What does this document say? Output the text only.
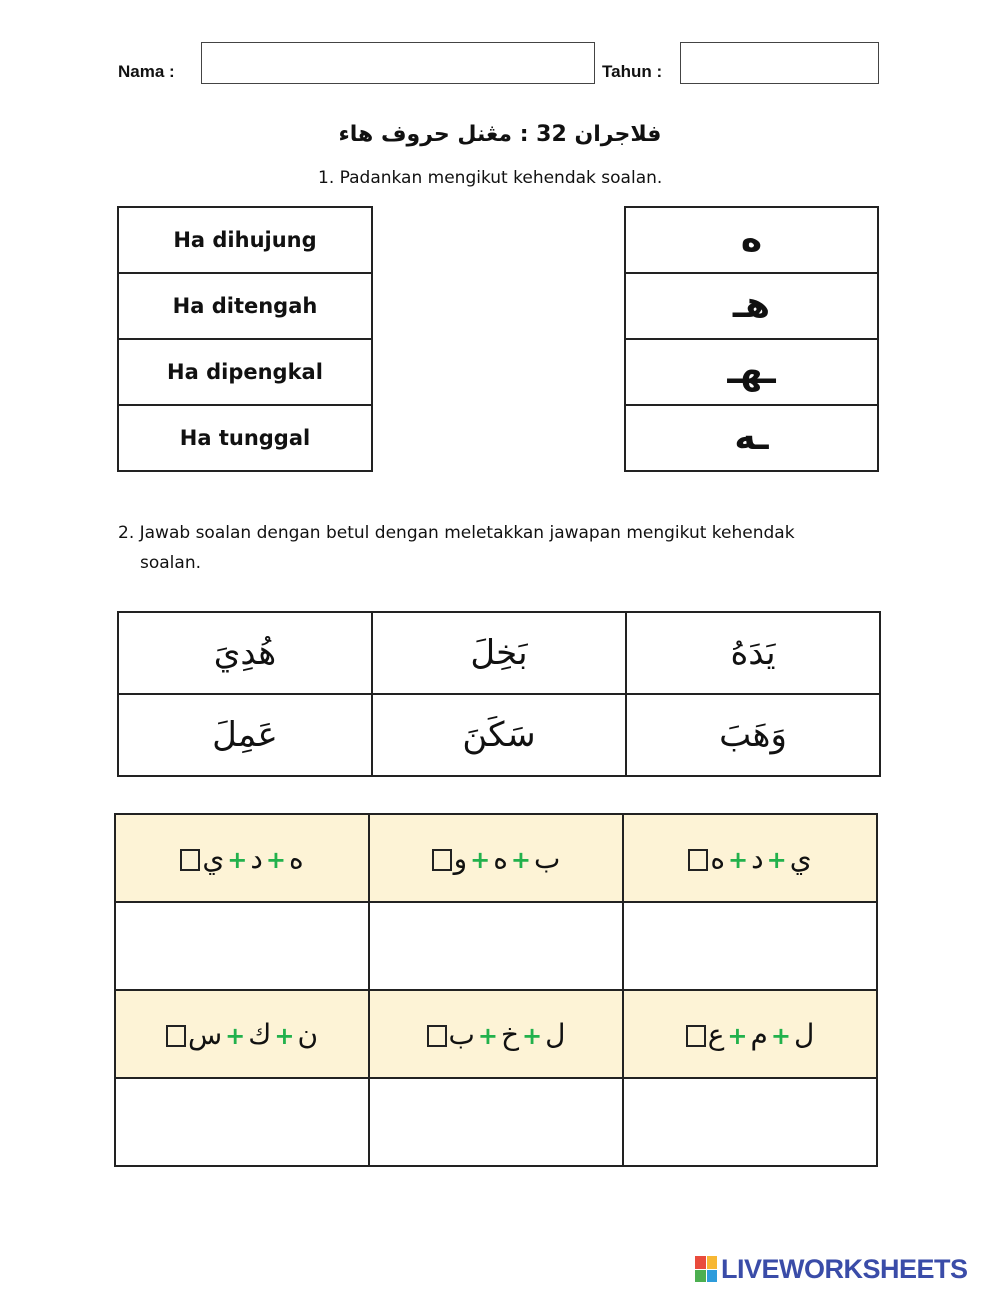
Nama :	Tahun :
فلاجران 32 : مڠنل حروف هاء
1. Padankan mengikut kehendak soalan.
Ha dihujung
Ha ditengah
Ha dipengkal
Ha tunggal
ه
هـ
ـهـ
ـه
2. Jawab soalan dengan betul dengan meletakkan jawapan mengikut kehendak
soalan.
هُدِيَ	بَخِلَ	يَدَهُ
عَمِلَ	سَكَنَ	وَهَبَ
ه+د+ي	ب+ه+و	ي+د+ه

ن+ك+س	ل+خ+ب	ل+م+ع

LIVEWORKSHEETS
